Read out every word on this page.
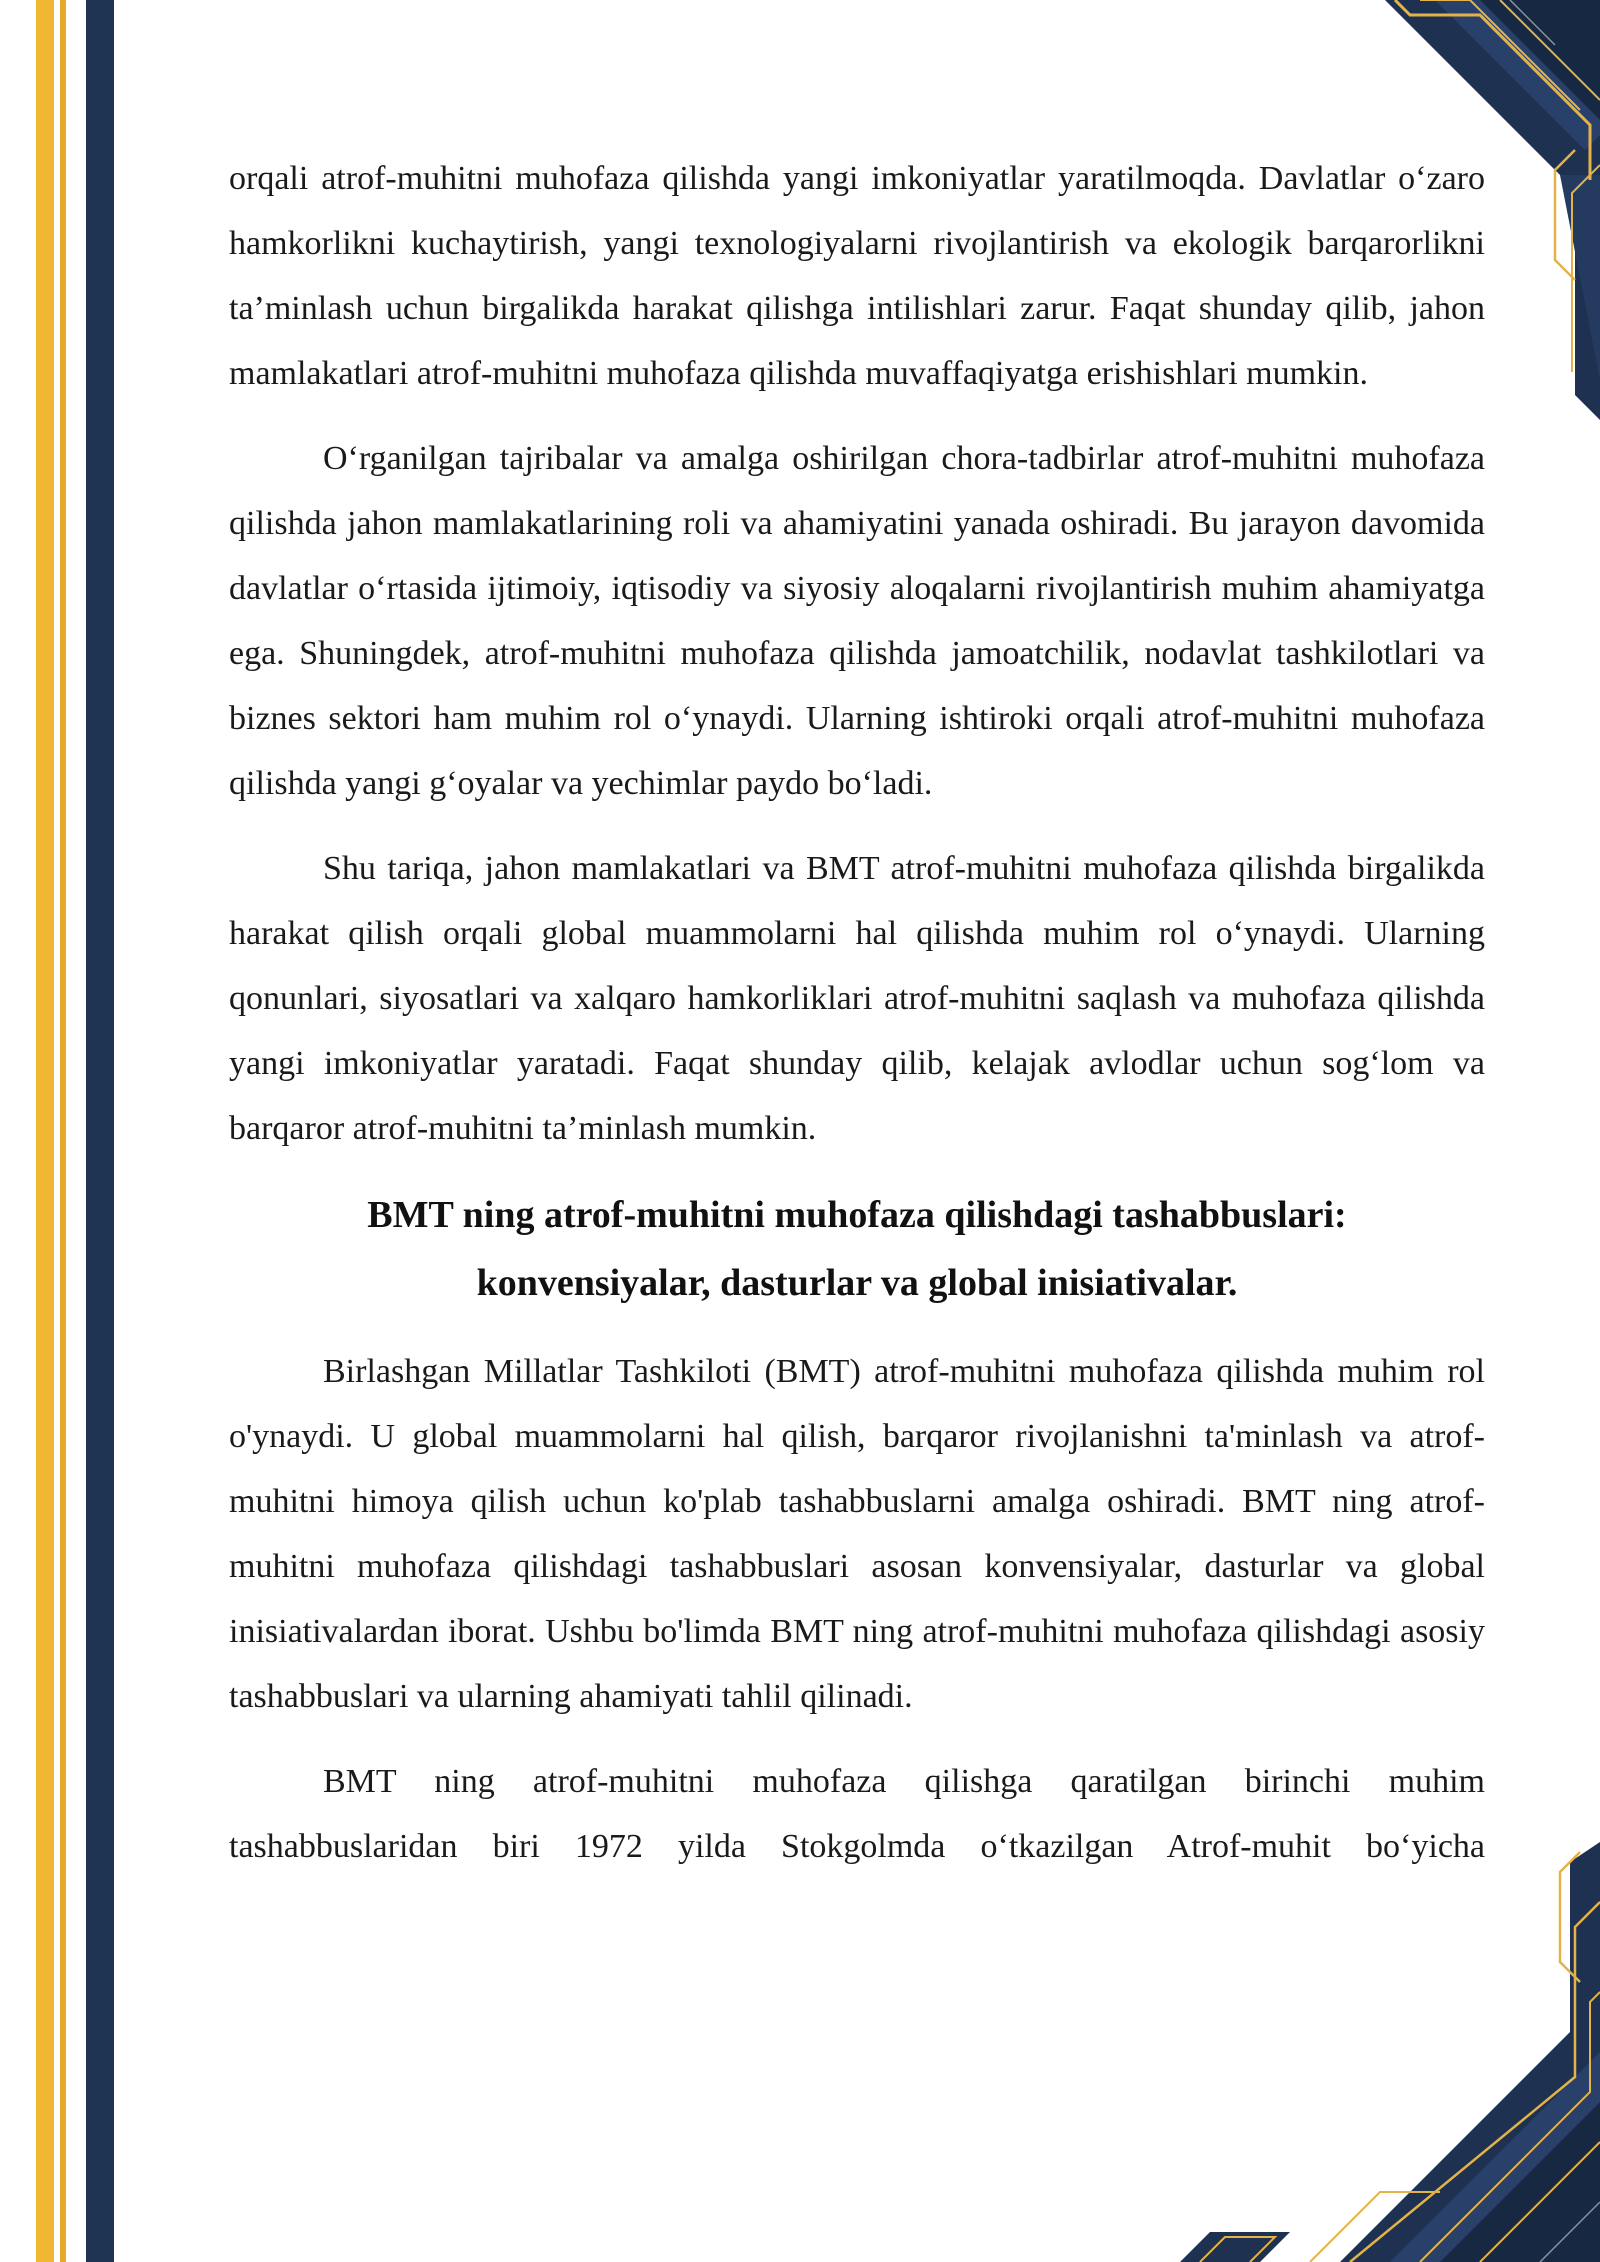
orqali atrof-muhitni muhofaza qilishda yangi imkoniyatlar yaratilmoqda. Davlatlar o‘zaro hamkorlikni kuchaytirish, yangi texnologiyalarni rivojlantirish va ekologik barqarorlikni ta’minlash uchun birgalikda harakat qilishga intilishlari zarur. Faqat shunday qilib, jahon mamlakatlari atrof-muhitni muhofaza qilishda muvaffaqiyatga erishishlari mumkin.

O‘rganilgan tajribalar va amalga oshirilgan chora-tadbirlar atrof-muhitni muhofaza qilishda jahon mamlakatlarining roli va ahamiyatini yanada oshiradi. Bu jarayon davomida davlatlar o‘rtasida ijtimoiy, iqtisodiy va siyosiy aloqalarni rivojlantirish muhim ahamiyatga ega. Shuningdek, atrof-muhitni muhofaza qilishda jamoatchilik, nodavlat tashkilotlari va biznes sektori ham muhim rol o‘ynaydi. Ularning ishtiroki orqali atrof-muhitni muhofaza qilishda yangi g‘oyalar va yechimlar paydo bo‘ladi.

Shu tariqa, jahon mamlakatlari va BMT atrof-muhitni muhofaza qilishda birgalikda harakat qilish orqali global muammolarni hal qilishda muhim rol o‘ynaydi. Ularning qonunlari, siyosatlari va xalqaro hamkorliklari atrof-muhitni saqlash va muhofaza qilishda yangi imkoniyatlar yaratadi. Faqat shunday qilib, kelajak avlodlar uchun sog‘lom va barqaror atrof-muhitni ta’minlash mumkin.

BMT ning atrof-muhitni muhofaza qilishdagi tashabbuslari:
konvensiyalar, dasturlar va global inisiativalar.

Birlashgan Millatlar Tashkiloti (BMT) atrof-muhitni muhofaza qilishda muhim rol o'ynaydi. U global muammolarni hal qilish, barqaror rivojlanishni ta'minlash va atrof-muhitni himoya qilish uchun ko'plab tashabbuslarni amalga oshiradi. BMT ning atrof-muhitni muhofaza qilishdagi tashabbuslari asosan konvensiyalar, dasturlar va global inisiativalardan iborat. Ushbu bo'limda BMT ning atrof-muhitni muhofaza qilishdagi asosiy tashabbuslari va ularning ahamiyati tahlil qilinadi.

BMT ning atrof-muhitni muhofaza qilishga qaratilgan birinchi muhim tashabbuslaridan biri 1972 yilda Stokgolmda o‘tkazilgan Atrof-muhit bo‘yicha
